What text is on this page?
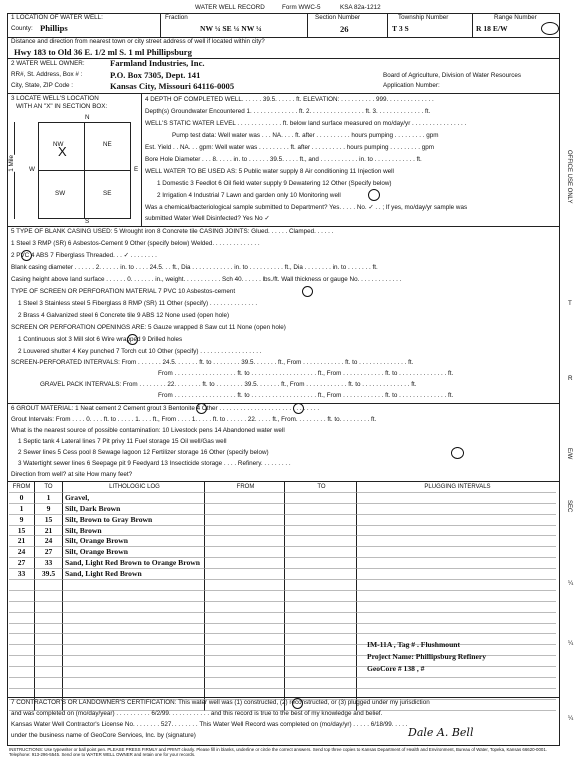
WATER WELL RECORD	Form WWC-5	KSA 82a-1212
1 LOCATION OF WATER WELL:
County: Phillips
Fraction
NW ¼ SE ¼ NW ¼
Section Number
26
Township Number
T 3 S
Range Number
R 18 E/W
Distance and direction from nearest town or city street address of well if located within city?
Hwy 183 to Old 36 E. 1/2 ml S. 1 ml Phillipsburg
2 WATER WELL OWNER:	Farmland Industries, Inc.
RR#, St. Address, Box # :	P.O. Box 7305, Dept. 141
City, State, ZIP Code :	Kansas City, Missouri 64116-0005
Board of Agriculture, Division of Water Resources
Application Number:
3 LOCATE WELL'S LOCATION
WITH AN "X" IN SECTION BOX:
N
S
W	E
NW
X	NE
SW	SE
1 Mile
4 DEPTH OF COMPLETED WELL. . . . . . 39.5. . . . . . ft. ELEVATION: . . . . . . . . . . 999. . . . . . . . . . . . . .
Depth(s) Groundwater Encountered 1. . . . . . . . . . . . . . ft. 2. . . . . . . . . . . . . . . . ft. 3. . . . . . . . . . . . . . ft.
WELL'S STATIC WATER LEVEL . . . . . . . . . . . . . ft. below land surface measured on mo/day/yr . . . . . . . . . . . . . . . .
Pump test data: Well water was . . . NA. . . . ft. after . . . . . . . . . . hours pumping . . . . . . . . . gpm
Est. Yield . . NA. . . gpm: Well water was . . . . . . . . . ft. after . . . . . . . . . . hours pumping . . . . . . . . . gpm
Bore Hole Diameter . . . 8. . . . . in. to . . . . . . 39.5. . . . . ft., and . . . . . . . . . . . in. to . . . . . . . . . . . . ft.
WELL WATER TO BE USED AS: 5 Public water supply 8 Air conditioning 11 Injection well
1 Domestic 3 Feedlot 6 Oil field water supply 9 Dewatering 12 Other (Specify below)
2 Irrigation 4 Industrial 7 Lawn and garden only 10 Monitoring well
Was a chemical/bacteriological sample submitted to Department? Yes. . . . . No. ✓ . . ; If yes, mo/day/yr sample was
submitted Water Well Disinfected? Yes No ✓
5 TYPE OF BLANK CASING USED: 5 Wrought iron 8 Concrete tile CASING JOINTS: Glued. . . . . . Clamped. . . . . .
1 Steel 3 RMP (SR) 6 Asbestos-Cement 9 Other (specify below) Welded. . . . . . . . . . . . . .
2 PVC 4 ABS 7 Fiberglass Threaded. . . ✓ . . . . . . . .
Blank casing diameter . . . . . . 2. . . . . . in. to . . . . 24.5. . . ft., Dia . . . . . . . . . . . . in. to . . . . . . . . . . ft., Dia . . . . . . . . in. to . . . . . . . ft.
Casing height above land surface . . . . . . 0. . . . . . . in., weight. . . . . . . . . . . Sch 40. . . . . . lbs./ft. Wall thickness or gauge No. . . . . . . . . . . . .
TYPE OF SCREEN OR PERFORATION MATERIAL 7 PVC 10 Asbestos-cement
1 Steel 3 Stainless steel 5 Fiberglass 8 RMP (SR) 11 Other (specify) . . . . . . . . . . . . . .
2 Brass 4 Galvanized steel 6 Concrete tile 9 ABS 12 None used (open hole)
SCREEN OR PERFORATION OPENINGS ARE: 5 Gauze wrapped 8 Saw cut 11 None (open hole)
1 Continuous slot 3 Mill slot 6 Wire wrapped 9 Drilled holes
2 Louvered shutter 4 Key punched 7 Torch cut 10 Other (specify) . . . . . . . . . . . . . . . . . .
SCREEN-PERFORATED INTERVALS: From . . . . . . . 24.5. . . . . . . ft. to . . . . . . . . 39.5. . . . . . . ft., From . . . . . . . . . . . . ft. to . . . . . . . . . . . . . . ft.
From . . . . . . . . . . . . . . . . . . ft. to . . . . . . . . . . . . . . . . . . . ft., From . . . . . . . . . . . . ft. to . . . . . . . . . . . . . . ft.
GRAVEL PACK INTERVALS: From . . . . . . . . 22. . . . . . . . ft. to . . . . . . . . 39.5. . . . . . . ft., From . . . . . . . . . . . . ft. to . . . . . . . . . . . . . . ft.
From . . . . . . . . . . . . . . . . . . ft. to . . . . . . . . . . . . . . . . . . . ft., From . . . . . . . . . . . . ft. to . . . . . . . . . . . . . . ft.
6 GROUT MATERIAL: 1 Neat cement 2 Cement grout 3 Bentonite 4 Other . . . . . . . . . . . . . . . . . . . . . . . . . . . . .
Grout Intervals: From . . . . 0. . . . ft. to . . . . . 1. . . . ft., From . . . . 1. . . . . ft. to . . . . . . 22. . . . . ft., From. . . . . . . . . ft. to. . . . . . . . . ft.
What is the nearest source of possible contamination: 10 Livestock pens 14 Abandoned water well
1 Septic tank 4 Lateral lines 7 Pit privy 11 Fuel storage 15 Oil well/Gas well
2 Sewer lines 5 Cess pool 8 Sewage lagoon 12 Fertilizer storage 16 Other (specify below)
3 Watertight sewer lines 6 Seepage pit 9 Feedyard 13 Insecticide storage . . . . Refinery. . . . . . . . .
Direction from well? at site How many feet?
FROM	TO	LITHOLOGIC LOG	FROM	TO	PLUGGING INTERVALS
0	1	Gravel,
1	9	Silt, Dark Brown
9	15	Silt, Brown to Gray Brown
15	21	Silt, Brown
21	24	Silt, Orange Brown
24	27	Silt, Orange Brown
27	33	Sand, Light Red Brown to Orange Brown
33	39.5	Sand, Light Red Brown
IM-11A , Tag # . Flushmount
Project Name: Phillipsburg Refinery
GeoCore # 138 , #
7 CONTRACTOR'S OR LANDOWNER'S CERTIFICATION: This water well was (1) constructed, (2) reconstructed, or (3) plugged under my jurisdiction
and was completed on (mo/day/year) . . . . . . . . . . 6/2/99. . . . . . . . . . . . and this record is true to the best of my knowledge and belief.
Kansas Water Well Contractor's License No. . . . . . . . 527. . . . . . . . This Water Well Record was completed on (mo/day/yr) . . . . . 6/18/99. . . . .
under the business name of GeoCore Services, Inc. by (signature)	Dale A. Bell
INSTRUCTIONS: Use typewriter or ball point pen. PLEASE PRESS FIRMLY and PRINT clearly. Please fill in blanks, underline or circle the correct answers. Send top three copies to Kansas Department of Health and Environment, Bureau of Water, Topeka, Kansas 66620-0001. Telephone: 913-296-5545. Send one to WATER WELL OWNER and retain one for your records.
OFFICE USE ONLY
T
R
E/W
SEC
¼
¼
¼
